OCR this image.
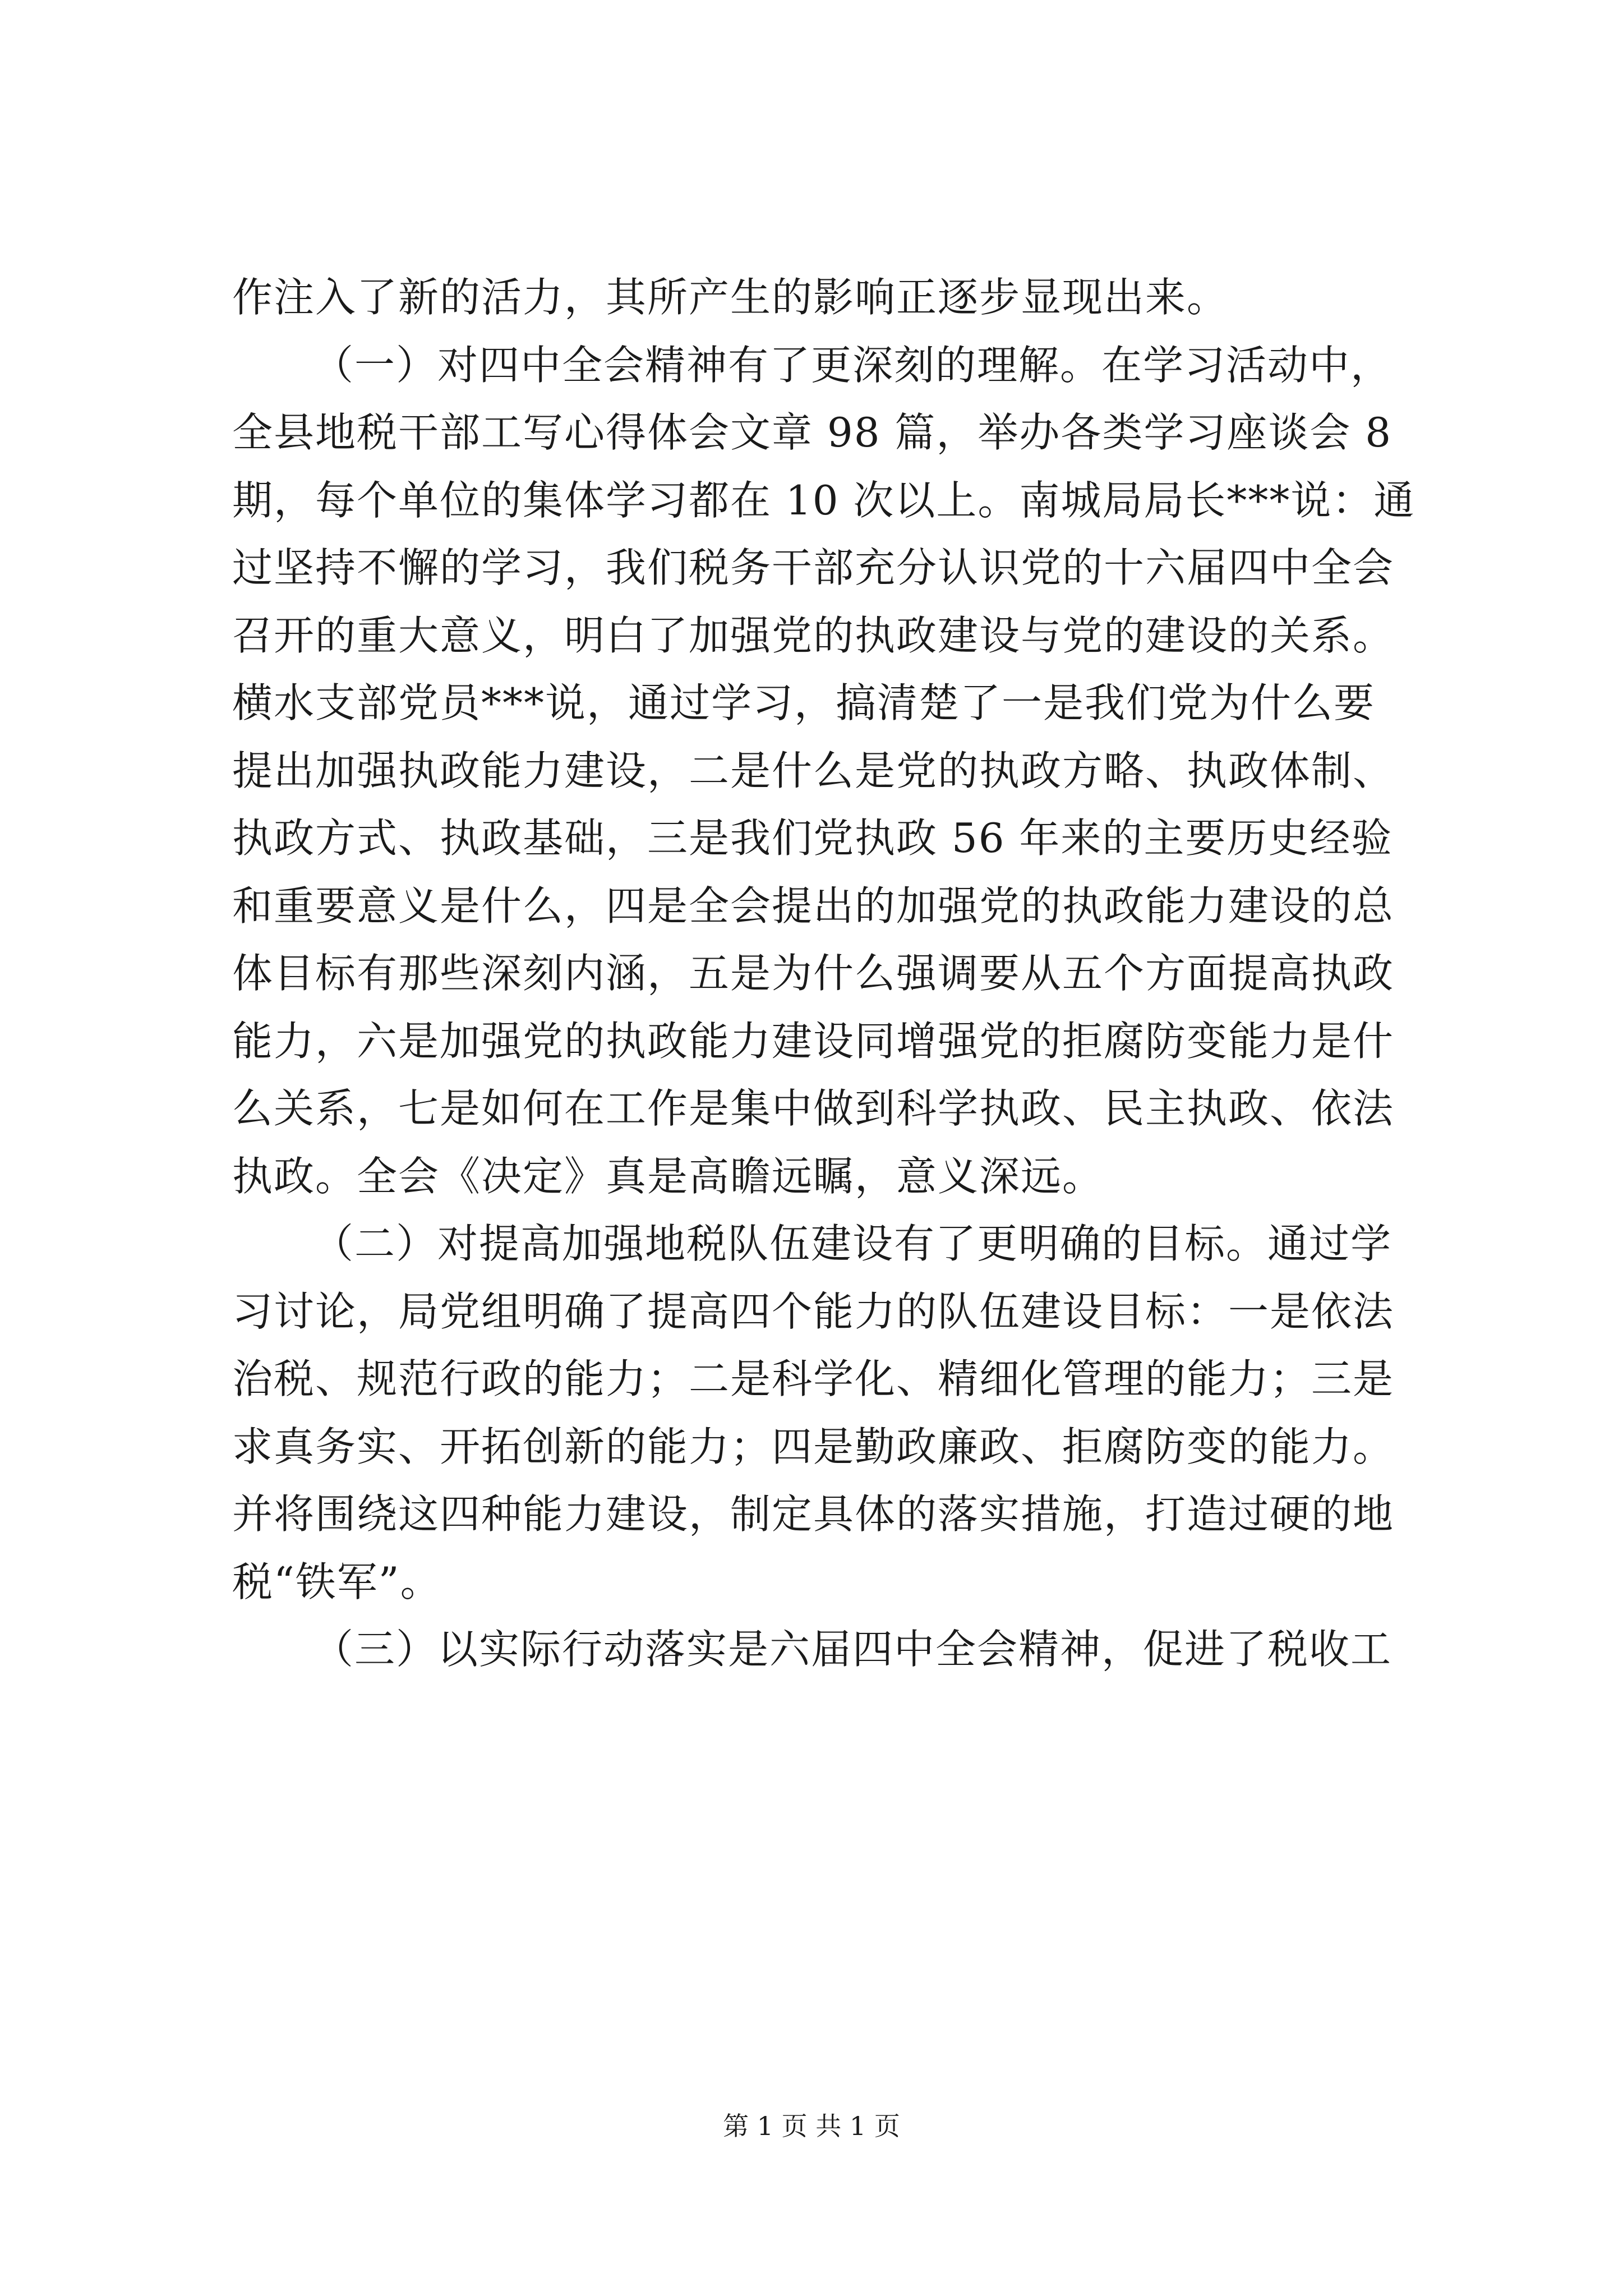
作注入了新的活力，其所产生的影响正逐步显现出来。
（一）对四中全会精神有了更深刻的理解。在学习活动中，
全县地税干部工写心得体会文章 98 篇，举办各类学习座谈会 8
期，每个单位的集体学习都在 10 次以上。南城局局长***说：通
过坚持不懈的学习，我们税务干部充分认识党的十六届四中全会
召开的重大意义，明白了加强党的执政建设与党的建设的关系。
横水支部党员***说，通过学习，搞清楚了一是我们党为什么要
提出加强执政能力建设，二是什么是党的执政方略、执政体制、
执政方式、执政基础，三是我们党执政 56 年来的主要历史经验
和重要意义是什么，四是全会提出的加强党的执政能力建设的总
体目标有那些深刻内涵，五是为什么强调要从五个方面提高执政
能力，六是加强党的执政能力建设同增强党的拒腐防变能力是什
么关系，七是如何在工作是集中做到科学执政、民主执政、依法
执政。全会《决定》真是高瞻远瞩，意义深远。
（二）对提高加强地税队伍建设有了更明确的目标。通过学
习讨论，局党组明确了提高四个能力的队伍建设目标：一是依法
治税、规范行政的能力；二是科学化、精细化管理的能力；三是
求真务实、开拓创新的能力；四是勤政廉政、拒腐防变的能力。
并将围绕这四种能力建设，制定具体的落实措施，打造过硬的地
税“铁军”。
（三）以实际行动落实是六届四中全会精神，促进了税收工
第 1 页 共 1 页
